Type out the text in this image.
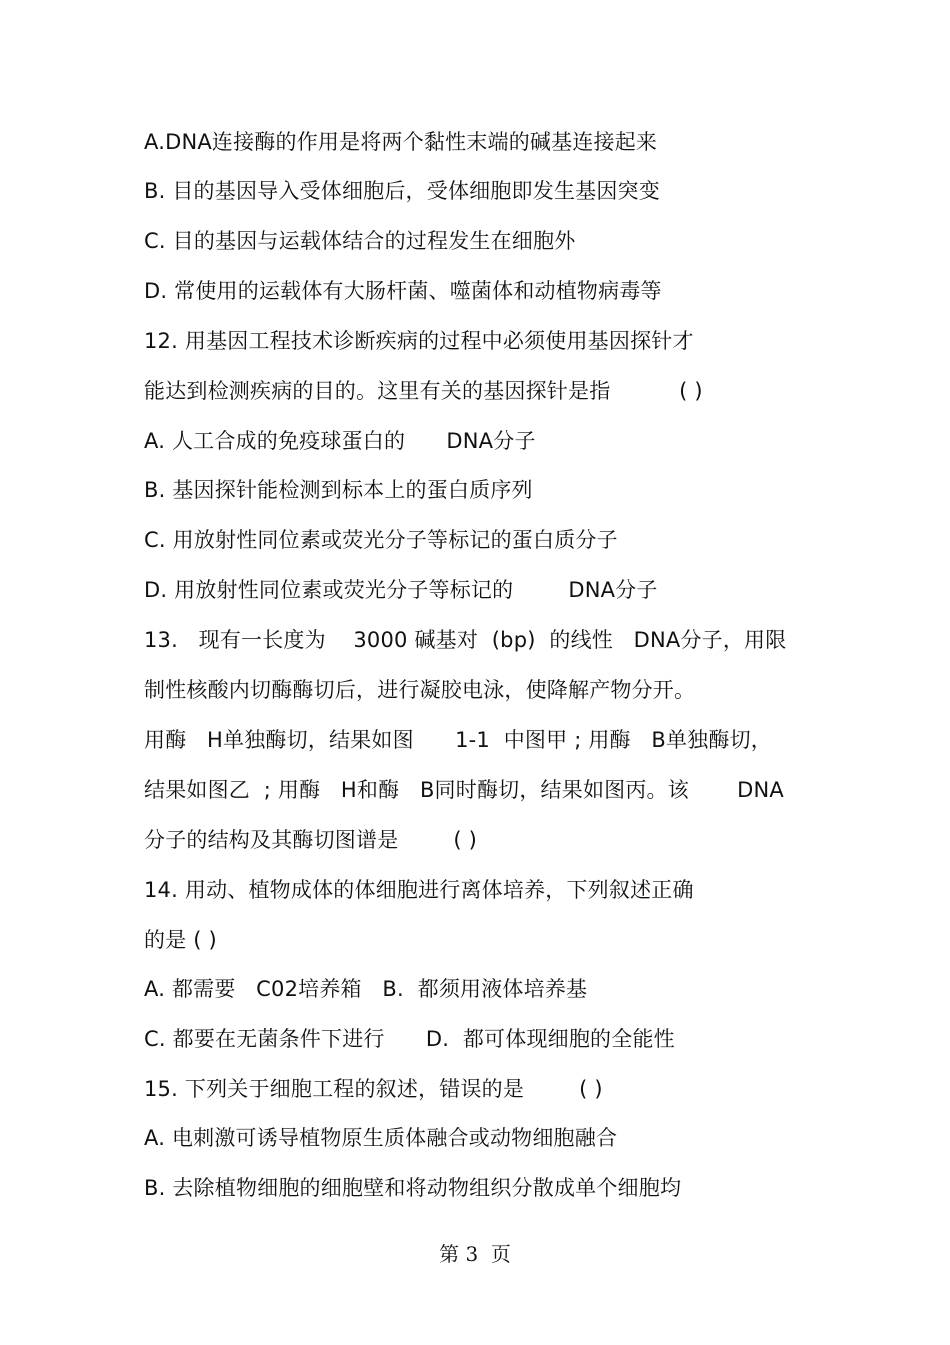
A.DNA连接酶的作用是将两个黏性末端的碱基连接起来
B. 目的基因导入受体细胞后，受体细胞即发生基因突变
C. 目的基因与运载体结合的过程发生在细胞外
D. 常使用的运载体有大肠杆菌、噬菌体和动植物病毒等
12. 用基因工程技术诊断疾病的过程中必须使用基因探针才
能达到检测疾病的目的。这里有关的基因探针是指          ( )
A. 人工合成的免疫球蛋白的      DNA分子
B. 基因探针能检测到标本上的蛋白质序列
C. 用放射性同位素或荧光分子等标记的蛋白质分子
D. 用放射性同位素或荧光分子等标记的        DNA分子
13.   现有一长度为    3000 碱基对  (bp)  的线性   DNA分子，用限
制性核酸内切酶酶切后，进行凝胶电泳，使降解产物分开。
用酶   H单独酶切，结果如图      1-1  中图甲 ; 用酶   B单独酶切，
结果如图乙  ; 用酶   H和酶   B同时酶切，结果如图丙。该       DNA
分子的结构及其酶切图谱是        ( )
14. 用动、植物成体的体细胞进行离体培养，下列叙述正确
的是 ( )
A. 都需要   C02培养箱   B.  都须用液体培养基
C. 都要在无菌条件下进行      D.  都可体现细胞的全能性
15. 下列关于细胞工程的叙述，错误的是        ( )
A. 电刺激可诱导植物原生质体融合或动物细胞融合
B. 去除植物细胞的细胞壁和将动物组织分散成单个细胞均
第 3  页
